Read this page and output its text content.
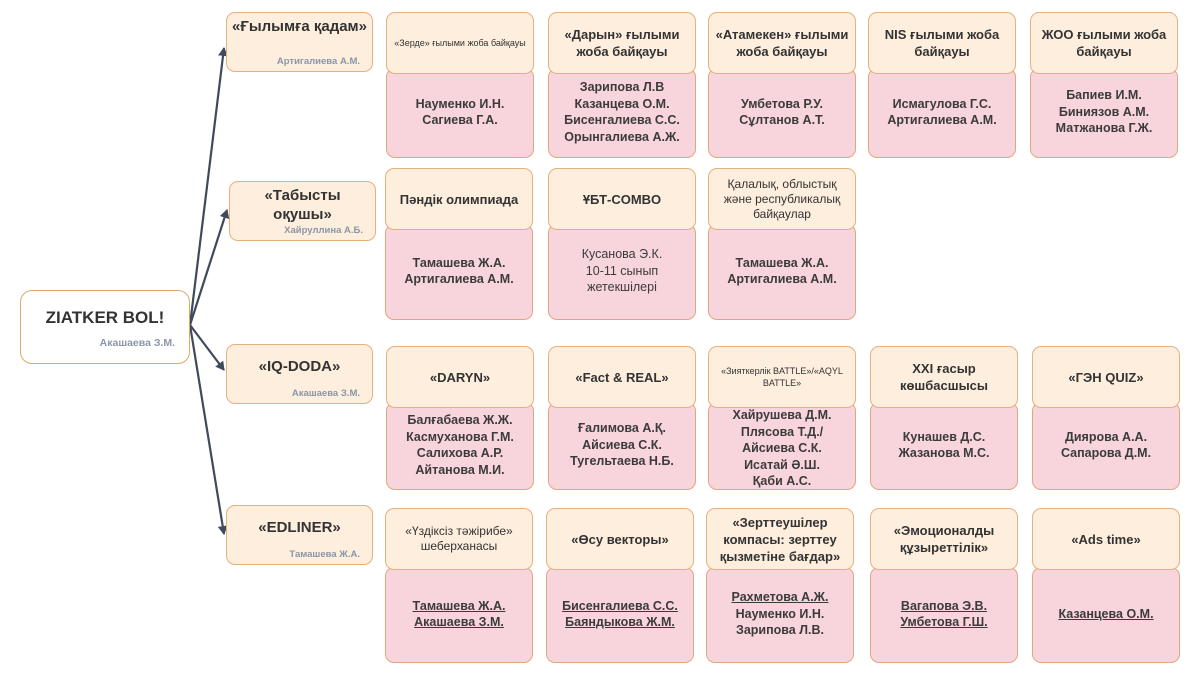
ZIATKER BOL!
Акашаева З.М.
«Ғылымға қадам»
Артигалиева А.М.
«Табысты оқушы»
Хайруллина А.Б.
«IQ-DODA»
Акашаева З.М.
«EDLINER»
Тамашева Ж.А.
Науменко И.Н.
Сагиева Г.А.
«Зерде» ғылыми жоба байқауы
Зарипова Л.В
Казанцева О.М.
Бисенгалиева С.С.
Орынгалиева А.Ж.
«Дарын» ғылыми жоба байқауы
Умбетова Р.У.
Сұлтанов А.Т.
«Атамекен» ғылыми жоба байқауы
Исмагулова Г.С.
Артигалиева А.М.
NIS ғылыми жоба байқауы
Бапиев И.М.
Биниязов А.М.
Матжанова Г.Ж.
ЖОО ғылыми жоба байқауы
Тамашева Ж.А.
Артигалиева А.М.
Пәндік олимпиада
Кусанова Э.К.
10-11 сынып
жетекшілері
ҰБТ-COMBO
Тамашева Ж.А.
Артигалиева А.М.
Қалалық, облыстық және республикалық байқаулар
Балғабаева Ж.Ж.
Касмуханова Г.М.
Салихова А.Р.
Айтанова М.И.
«DARYN»
Ғалимова А.Қ.
Айсиева С.К.
Тугельтаева Н.Б.
«Fact & REAL»
Хайрушева Д.М.
Плясова Т.Д./
Айсиева С.К.
Исатай Ә.Ш.
Қаби А.С.
«Зияткерлік BATTLE»/«AQYL BATTLE»
Кунашев Д.С.
Жазанова М.С.
XXI ғасыр көшбасшысы
Диярова А.А.
Сапарова Д.М.
«ГЭН QUIZ»
Тамашева Ж.А.
Акашаева З.М.
«Үздіксіз тәжірибе» шеберханасы
Бисенгалиева С.С.
Баяндыкова Ж.М.
«Өсу векторы»
Рахметова А.Ж.
Науменко И.Н.
Зарипова Л.В.
«Зерттеушілер компасы: зерттеу қызметіне бағдар»
Вагапова Э.В.
Умбетова Г.Ш.
«Эмоционалды құзыреттілік»
Казанцева О.М.
«Ads time»
